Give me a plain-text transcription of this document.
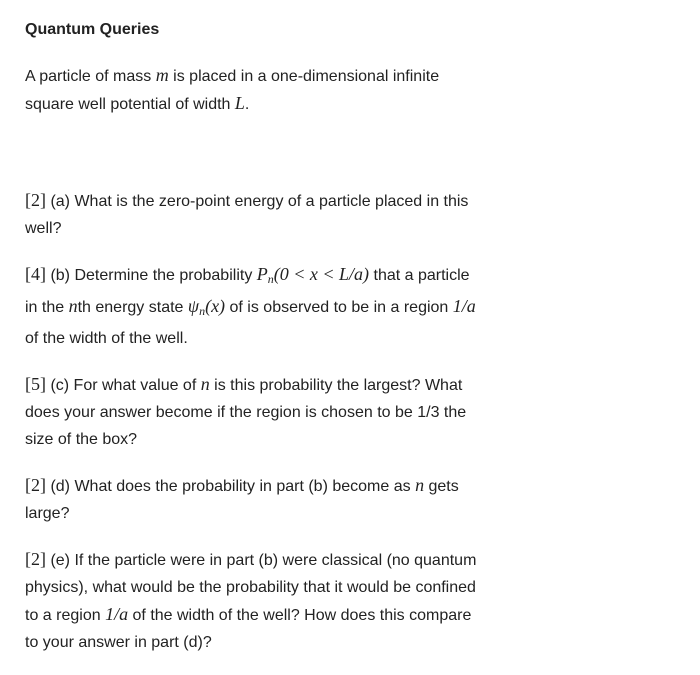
Quantum Queries

A particle of mass m is placed in a one-dimensional infinite square well potential of width L.

[2] (a) What is the zero-point energy of a particle placed in this well?

[4] (b) Determine the probability $P_n(0 < x < L/a)$ that a particle in the nth energy state $\psi_n(x)$ of is observed to be in a region 1/a of the width of the well.

[5] (c) For what value of n is this probability the largest? What does your answer become if the region is chosen to be 1/3 the size of the box?

[2] (d) What does the probability in part (b) become as n gets large?

[2] (e) If the particle were in part (b) were classical (no quantum physics), what would be the probability that it would be confined to a region 1/a of the width of the well? How does this compare to your answer in part (d)?
